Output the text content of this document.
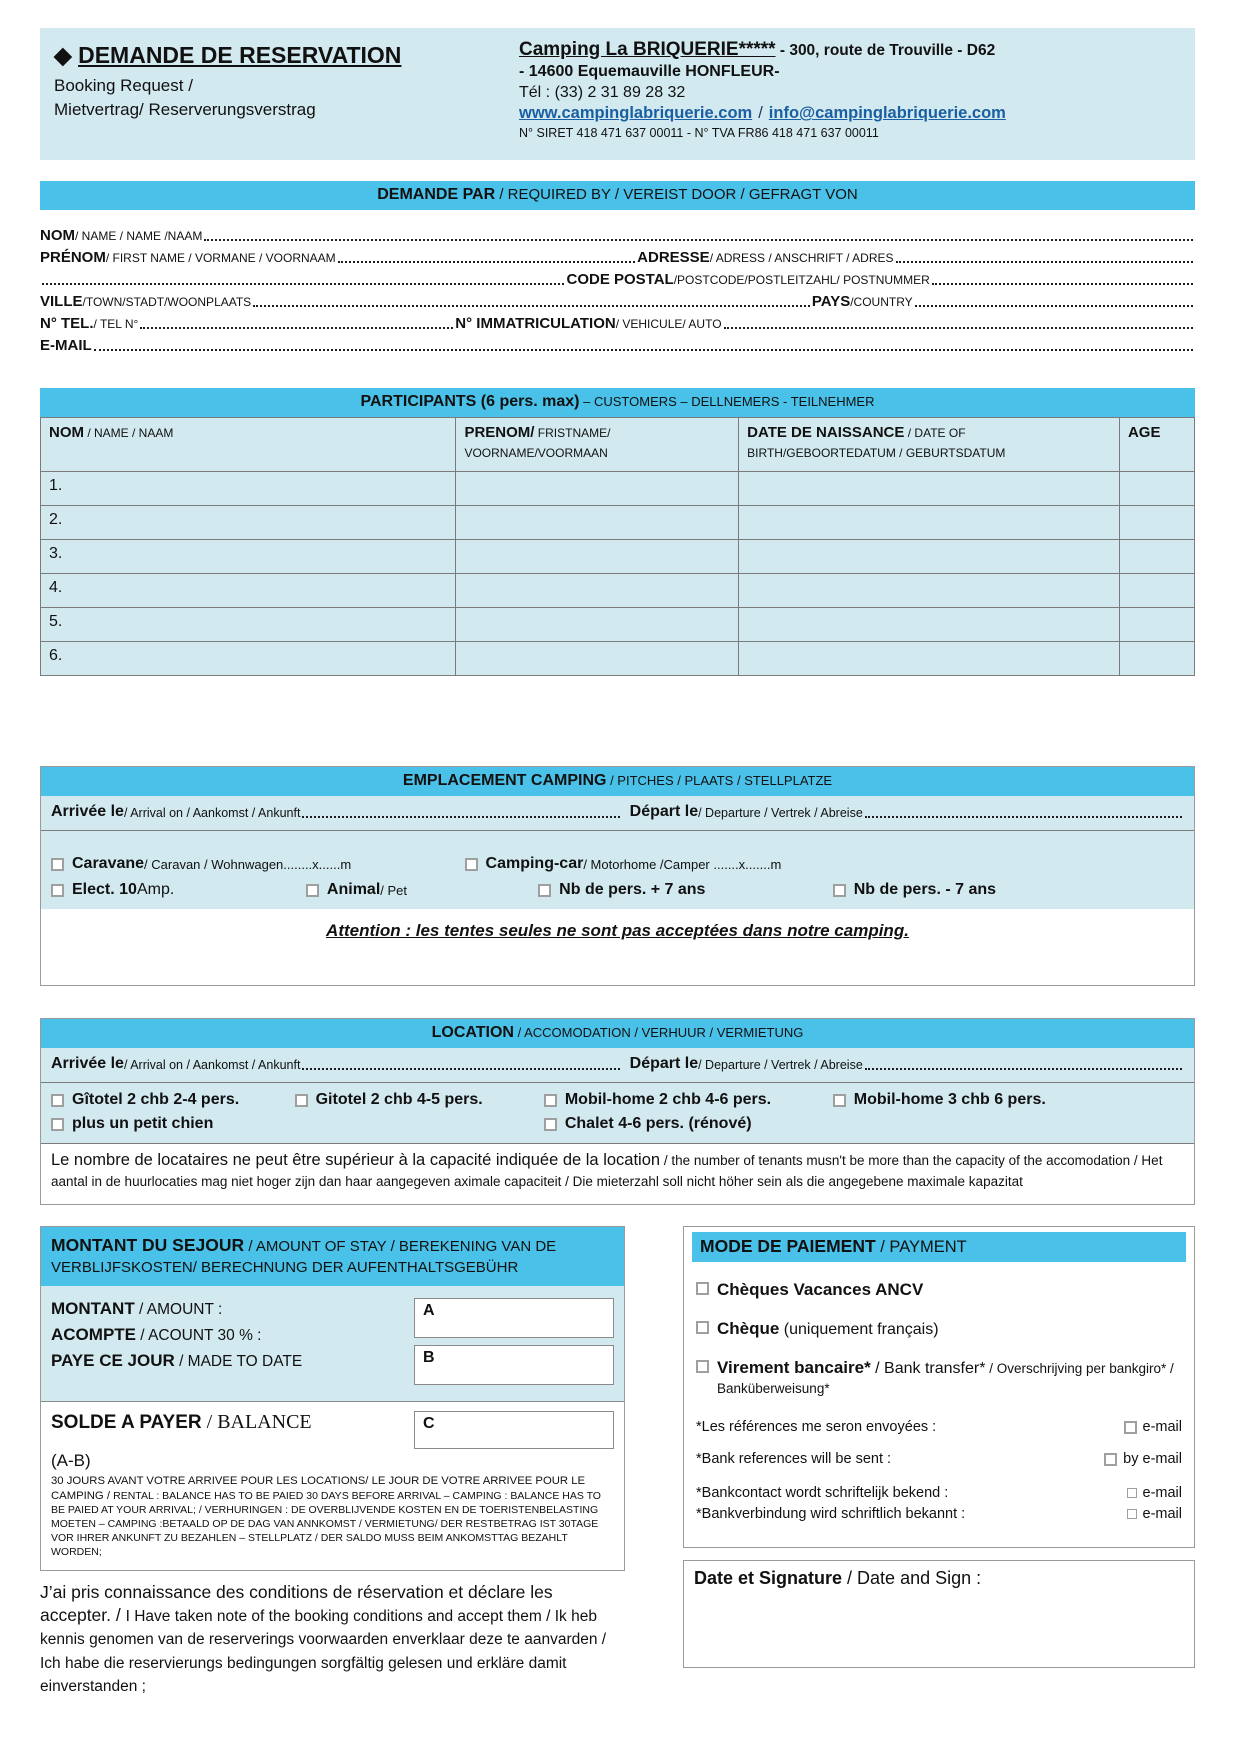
◆ DEMANDE DE RESERVATION
Booking Request /
Mietvertrag/ Reserverungsverstrag
Camping La BRIQUERIE***** - 300, route de Trouville - D62
- 14600 Equemauville HONFLEUR-
Tél : (33) 2 31 89 28 32
www.campinglabriquerie.com / info@campinglabriquerie.com
N° SIRET 418 471 637 00011 - N° TVA FR86 418 471 637 00011
DEMANDE PAR / REQUIRED BY / VEREIST DOOR / GEFRAGT VON
NOM / NAME / NAME /NAAM
PRÉNOM / FIRST NAME / VORMANE / VOORNAAM	ADRESSE / ADRESS / ANSCHRIFT / ADRES
CODE POSTAL /POSTCODE/POSTLEITZAHL/ POSTNUMMER
VILLE /TOWN/STADT/WOONPLAATS	PAYS /COUNTRY
N° TEL. / TEL N°	N° IMMATRICULATION / VEHICULE/ AUTO
E-MAIL
PARTICIPANTS (6 pers. max) – CUSTOMERS – DELLNEMERS - TEILNEHMER
NOM / NAME / NAAM	PRENOM/ FRISTNAME/ VOORNAME/VOORMAAN	DATE DE NAISSANCE / DATE OF BIRTH/GEBOORTEDATUM / GEBURTSDATUM	AGE
1.			
2.			
3.			
4.			
5.			
6.			
EMPLACEMENT CAMPING / PITCHES / PLAATS / STELLPLATZE
Arrivée le / Arrival on / Aankomst / Ankunft	Départ le / Departure / Vertrek / Abreise
Caravane / Caravan / Wohnwagen........x......m	Camping-car / Motorhome /Camper .......x.......m
Elect. 10 Amp.	Animal / Pet	Nb de pers. + 7 ans	Nb de pers. - 7 ans
Attention : les tentes seules ne sont pas acceptées dans notre camping.
LOCATION / ACCOMODATION / VERHUUR / VERMIETUNG
Arrivée le / Arrival on / Aankomst / Ankunft	Départ le / Departure / Vertrek / Abreise
Gîtotel 2 chb 2-4 pers.	Gitotel 2 chb 4-5 pers.	Mobil-home 2 chb 4-6 pers.	Mobil-home 3 chb 6 pers.
plus un petit chien	Chalet 4-6 pers. (rénové)
Le nombre de locataires ne peut être supérieur à la capacité indiquée de la location / the number of tenants musn't be more than the capacity of the accomodation / Het aantal in de huurlocaties mag niet hoger zijn dan haar aangegeven aximale capaciteit / Die mieterzahl soll nicht höher sein als die angegebene maximale kapazitat
MONTANT DU SEJOUR / AMOUNT OF STAY / BEREKENING VAN DE VERBLIJFSKOSTEN/ BERECHNUNG DER AUFENTHALTSGEBÜHR
MONTANT / AMOUNT :
ACOMPTE / ACOUNT 30 % :
PAYE CE JOUR / MADE TO DATE
A
B
SOLDE A PAYER / BALANCE	C
(A-B)
30 JOURS AVANT VOTRE ARRIVEE POUR LES LOCATIONS/ LE JOUR DE VOTRE ARRIVEE POUR LE CAMPING / RENTAL : BALANCE HAS TO BE PAIED 30 DAYS BEFORE ARRIVAL – CAMPING : BALANCE HAS TO BE PAIED AT YOUR ARRIVAL; / VERHURINGEN : DE OVERBLIJVENDE KOSTEN EN DE TOERISTENBELASTING MOETEN – CAMPING :BETAALD OP DE DAG VAN ANNKOMST / VERMIETUNG/ DER RESTBETRAG IST 30TAGE VOR IHRER ANKUNFT ZU BEZAHLEN – STELLPLATZ / DER SALDO MUSS BEIM ANKOMSTTAG BEZAHLT WORDEN;
J’ai pris connaissance des conditions de réservation et déclare les accepter. / I Have taken note of the booking conditions and accept them / Ik heb kennis genomen van de reserverings voorwaarden enverklaar deze te aanvarden / Ich habe die reservierungs bedingungen sorgfältig gelesen und erkläre damit einverstanden ;
MODE DE PAIEMENT / PAYMENT
Chèques Vacances ANCV
Chèque (uniquement français)
Virement bancaire* / Bank transfer* / Overschrijving per bankgiro* / Banküberweisung*
*Les références me seron envoyées :	e-mail
*Bank references will be sent :	by e-mail
*Bankcontact wordt schriftelijk bekend :	e-mail
*Bankverbindung wird schriftlich bekannt :	e-mail
Date et Signature / Date and Sign :
